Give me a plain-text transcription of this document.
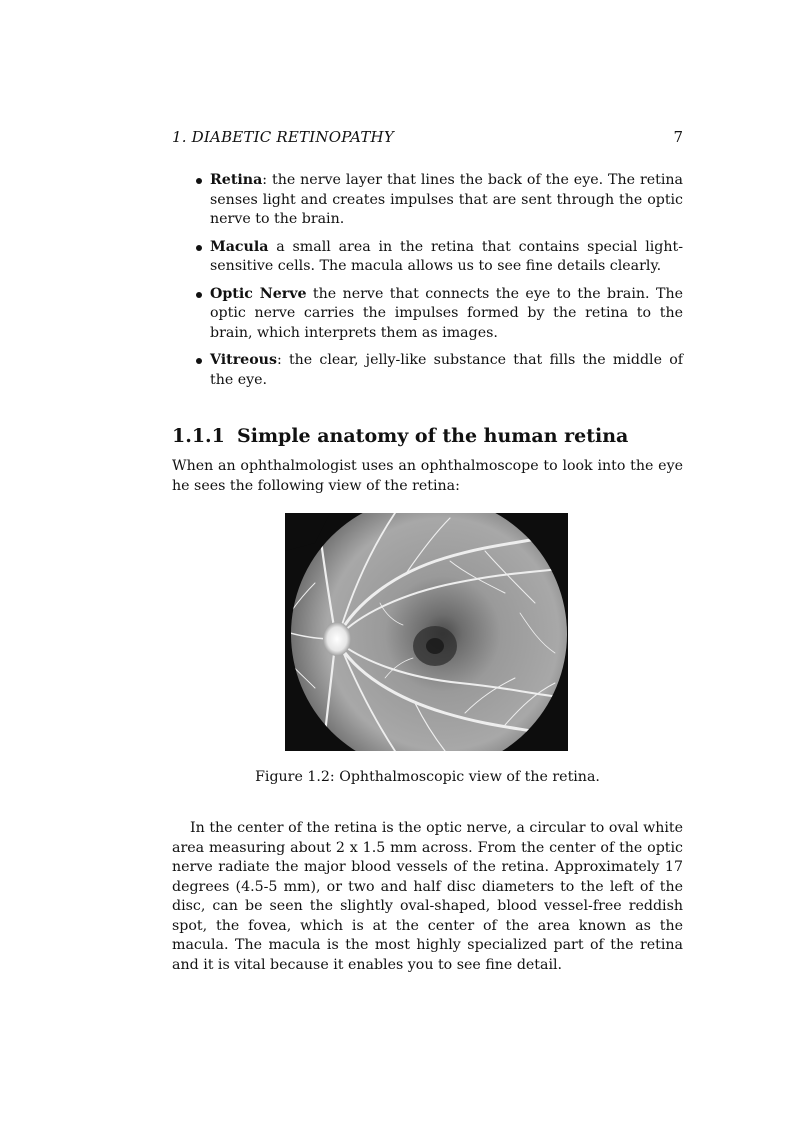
1. DIABETIC RETINOPATHY	7
Retina: the nerve layer that lines the back of the eye. The retina senses light and creates impulses that are sent through the optic nerve to the brain.
Macula a small area in the retina that contains special light-sensitive cells. The macula allows us to see fine details clearly.
Optic Nerve the nerve that connects the eye to the brain. The optic nerve carries the impulses formed by the retina to the brain, which interprets them as images.
Vitreous: the clear, jelly-like substance that fills the middle of the eye.
1.1.1 Simple anatomy of the human retina

When an ophthalmologist uses an ophthalmoscope to look into the eye he sees the following view of the retina:

Figure 1.2: Ophthalmoscopic view of the retina.

In the center of the retina is the optic nerve, a circular to oval white area measuring about 2 x 1.5 mm across. From the center of the optic nerve radiate the major blood vessels of the retina. Approximately 17 degrees (4.5-5 mm), or two and half disc diameters to the left of the disc, can be seen the slightly oval-shaped, blood vessel-free reddish spot, the fovea, which is at the center of the area known as the macula. The macula is the most highly specialized part of the retina and it is vital because it enables you to see fine detail.
